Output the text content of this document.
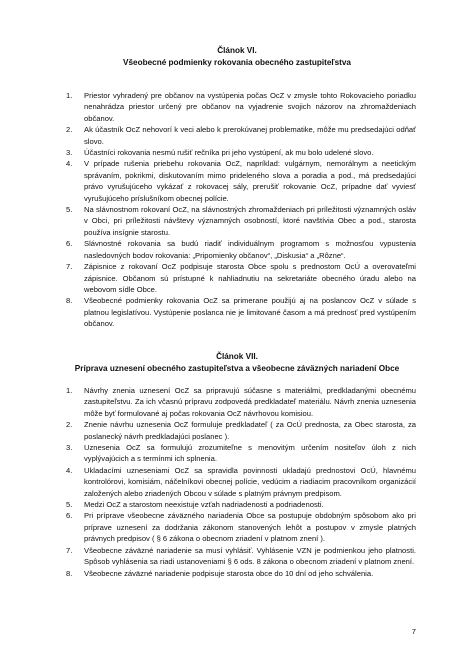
Článok VI.
Všeobecné podmienky rokovania obecného zastupiteľstva
1. Priestor vyhradený pre občanov na vystúpenia počas OcZ v zmysle tohto Rokovacieho poriadku nenahrádza priestor určený pre občanov na vyjadrenie svojich názorov na zhromaždeniach občanov.
2. Ak účastník OcZ nehovorí k veci alebo k prerokúvanej problematike, môže mu predsedajúci odňať slovo.
3. Účastníci rokovania nesmú rušiť rečníka pri jeho vystúpení, ak mu bolo udelené slovo.
4. V prípade rušenia priebehu rokovania OcZ, napríklad: vulgárnym, nemorálnym a neetickým správaním, pokrikmi, diskutovaním mimo prideleného slova a poradia a pod., má predsedajúci právo vyrušujúceho vykázať z rokovacej sály, prerušiť rokovanie OcZ, prípadne dať vyviesť vyrušujúceho príslušníkom obecnej polície.
5. Na slávnostnom rokovaní OcZ, na slávnostných zhromaždeniach pri príležitosti významných osláv v Obci, pri príležitosti návštevy významných osobností, ktoré navštívia Obec a pod., starosta používa insígnie starostu.
6. Slávnostné rokovania sa budú riadiť individuálnym programom s možnosťou vypustenia nasledovných bodov rokovania: „Pripomienky občanov“, „Diskusia“ a „Rôzne“.
7. Zápisnice z rokovaní OcZ podpisuje starosta Obce spolu s prednostom OcÚ a overovateľmi zápisnice. Občanom sú prístupné k nahliadnutiu na sekretariáte obecného úradu alebo na webovom sídle Obce.
8. Všeobecné podmienky rokovania OcZ sa primerane použijú aj na poslancov OcZ v súlade s platnou legislatívou. Vystúpenie poslanca nie je limitované časom a má prednosť pred vystúpením občanov.
Článok VII.
Príprava uznesení obecného zastupiteľstva a všeobecne záväzných nariadení Obce
1. Návrhy znenia uznesení OcZ sa pripravujú súčasne s materiálmi, predkladanými obecnému zastupiteľstvu. Za ich včasnú prípravu zodpovedá predkladateľ materiálu. Návrh znenia uznesenia môže byť formulované aj počas rokovania OcZ návrhovou komisiou.
2. Znenie návrhu uznesenia OcZ formuluje predkladateľ ( za OcÚ prednosta, za Obec starosta, za poslanecký návrh predkladajúci poslanec ).
3. Uznesenia OcZ sa formulujú zrozumiteľne s menovitým určením nositeľov úloh z nich vyplývajúcich a s termínmi ich splnenia.
4. Ukladacími uzneseniami OcZ sa spravidla povinnosti ukladajú prednostovi OcÚ, hlavnému kontrolórovi, komisiám, náčelníkovi obecnej polície, vedúcim a riadiacim pracovníkom organizácií založených alebo zriadených Obcou v súlade s platným právnym predpisom.
5. Medzi OcZ a starostom neexistuje vzťah nadriadenosti a podriadenosti.
6. Pri príprave všeobecne záväzného nariadenia Obce sa postupuje obdobným spôsobom ako pri príprave uznesení za dodržania zákonom stanovených lehôt a postupov v zmysle platných právnych predpisov ( § 6 zákona o obecnom zriadení v platnom znení ).
7. Všeobecne záväzné nariadenie sa musí vyhlásiť. Vyhlásenie VZN je podmienkou jeho platnosti. Spôsob vyhlásenia sa riadi ustanoveniami § 6 ods. 8 zákona o obecnom zriadení v platnom znení.
8. Všeobecne záväzné nariadenie podpisuje starosta obce do 10 dní od jeho schválenia.
7
